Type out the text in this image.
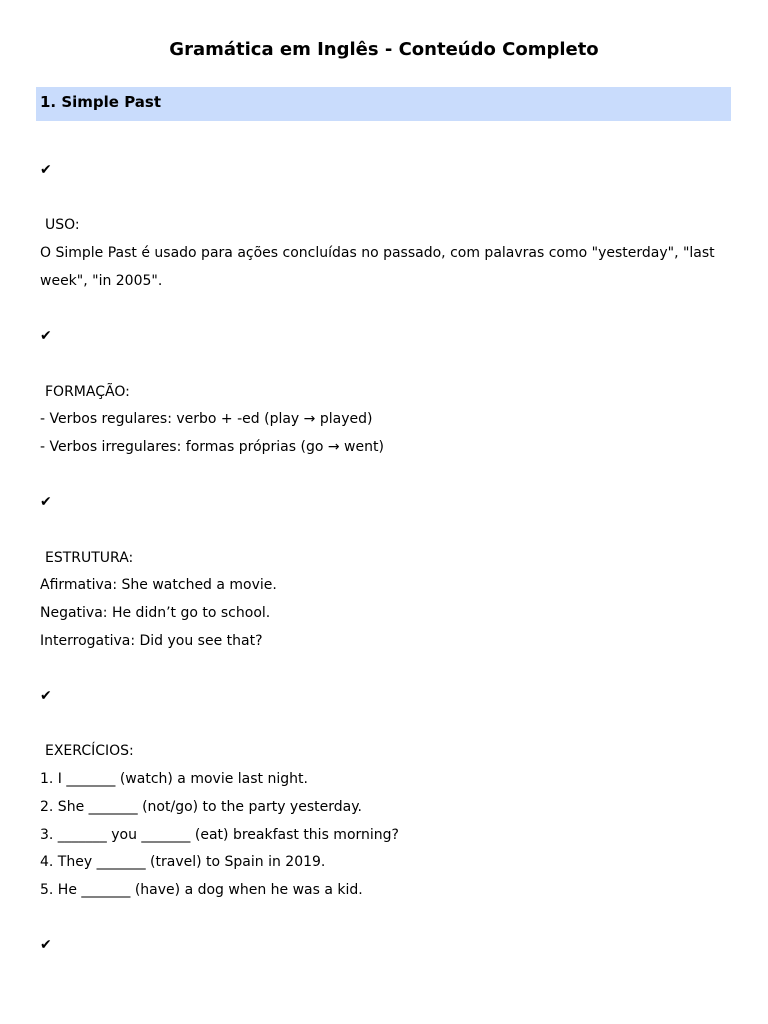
Gramática em Inglês - Conteúdo Completo
1. Simple Past
✔
USO:
O Simple Past é usado para ações concluídas no passado, com palavras como "yesterday", "last week", "in 2005".
✔
FORMAÇÃO:
- Verbos regulares: verbo + -ed (play → played)
- Verbos irregulares: formas próprias (go → went)
✔
ESTRUTURA:
Afirmativa: She watched a movie.
Negativa: He didn’t go to school.
Interrogativa: Did you see that?
✔
EXERCÍCIOS:
1. I _______ (watch) a movie last night.
2. She _______ (not/go) to the party yesterday.
3. _______ you _______ (eat) breakfast this morning?
4. They _______ (travel) to Spain in 2019.
5. He _______ (have) a dog when he was a kid.
✔
